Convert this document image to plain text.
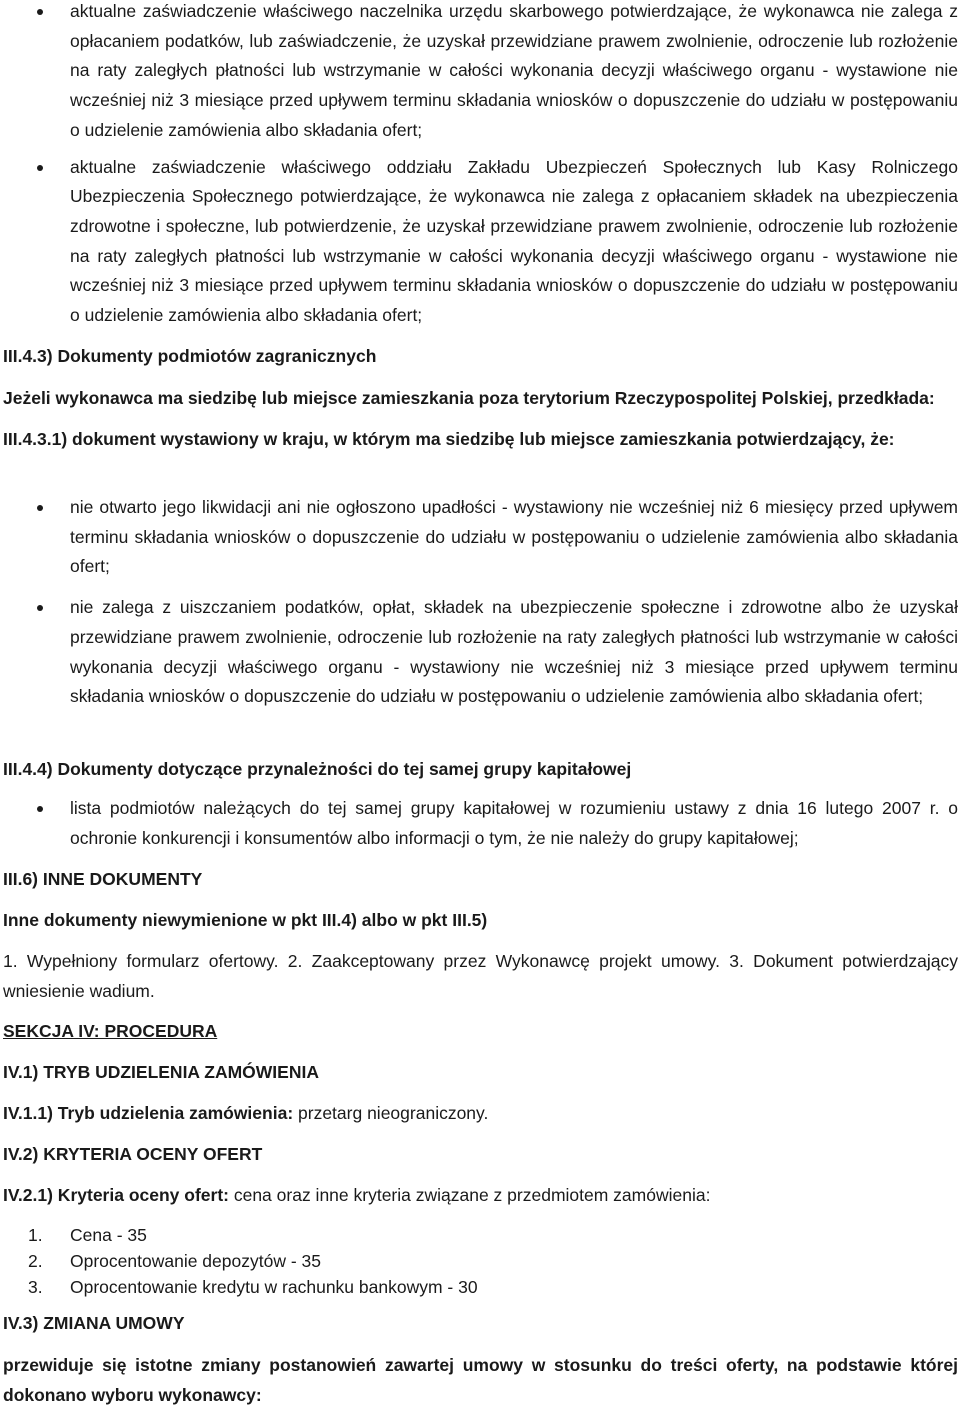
aktualne zaświadczenie właściwego naczelnika urzędu skarbowego potwierdzające, że wykonawca nie zalega z opłacaniem podatków, lub zaświadczenie, że uzyskał przewidziane prawem zwolnienie, odroczenie lub rozłożenie na raty zaległych płatności lub wstrzymanie w całości wykonania decyzji właściwego organu - wystawione nie wcześniej niż 3 miesiące przed upływem terminu składania wniosków o dopuszczenie do udziału w postępowaniu o udzielenie zamówienia albo składania ofert;
aktualne zaświadczenie właściwego oddziału Zakładu Ubezpieczeń Społecznych lub Kasy Rolniczego Ubezpieczenia Społecznego potwierdzające, że wykonawca nie zalega z opłacaniem składek na ubezpieczenia zdrowotne i społeczne, lub potwierdzenie, że uzyskał przewidziane prawem zwolnienie, odroczenie lub rozłożenie na raty zaległych płatności lub wstrzymanie w całości wykonania decyzji właściwego organu - wystawione nie wcześniej niż 3 miesiące przed upływem terminu składania wniosków o dopuszczenie do udziału w postępowaniu o udzielenie zamówienia albo składania ofert;
III.4.3) Dokumenty podmiotów zagranicznych
Jeżeli wykonawca ma siedzibę lub miejsce zamieszkania poza terytorium Rzeczypospolitej Polskiej, przedkłada:
III.4.3.1) dokument wystawiony w kraju, w którym ma siedzibę lub miejsce zamieszkania potwierdzający, że:
nie otwarto jego likwidacji ani nie ogłoszono upadłości - wystawiony nie wcześniej niż 6 miesięcy przed upływem terminu składania wniosków o dopuszczenie do udziału w postępowaniu o udzielenie zamówienia albo składania ofert;
nie zalega z uiszczaniem podatków, opłat, składek na ubezpieczenie społeczne i zdrowotne albo że uzyskał przewidziane prawem zwolnienie, odroczenie lub rozłożenie na raty zaległych płatności lub wstrzymanie w całości wykonania decyzji właściwego organu - wystawiony nie wcześniej niż 3 miesiące przed upływem terminu składania wniosków o dopuszczenie do udziału w postępowaniu o udzielenie zamówienia albo składania ofert;
III.4.4) Dokumenty dotyczące przynależności do tej samej grupy kapitałowej
lista podmiotów należących do tej samej grupy kapitałowej w rozumieniu ustawy z dnia 16 lutego 2007 r. o ochronie konkurencji i konsumentów albo informacji o tym, że nie należy do grupy kapitałowej;
III.6) INNE DOKUMENTY
Inne dokumenty niewymienione w pkt III.4) albo w pkt III.5)
1. Wypełniony formularz ofertowy. 2. Zaakceptowany przez Wykonawcę projekt umowy. 3. Dokument potwierdzający wniesienie wadium.
SEKCJA IV: PROCEDURA
IV.1) TRYB UDZIELENIA ZAMÓWIENIA
IV.1.1) Tryb udzielenia zamówienia: przetarg nieograniczony.
IV.2) KRYTERIA OCENY OFERT
IV.2.1) Kryteria oceny ofert: cena oraz inne kryteria związane z przedmiotem zamówienia:
1. Cena - 35
2. Oprocentowanie depozytów - 35
3. Oprocentowanie kredytu w rachunku bankowym - 30
IV.3) ZMIANA UMOWY
przewiduje się istotne zmiany postanowień zawartej umowy w stosunku do treści oferty, na podstawie której dokonano wyboru wykonawcy:
